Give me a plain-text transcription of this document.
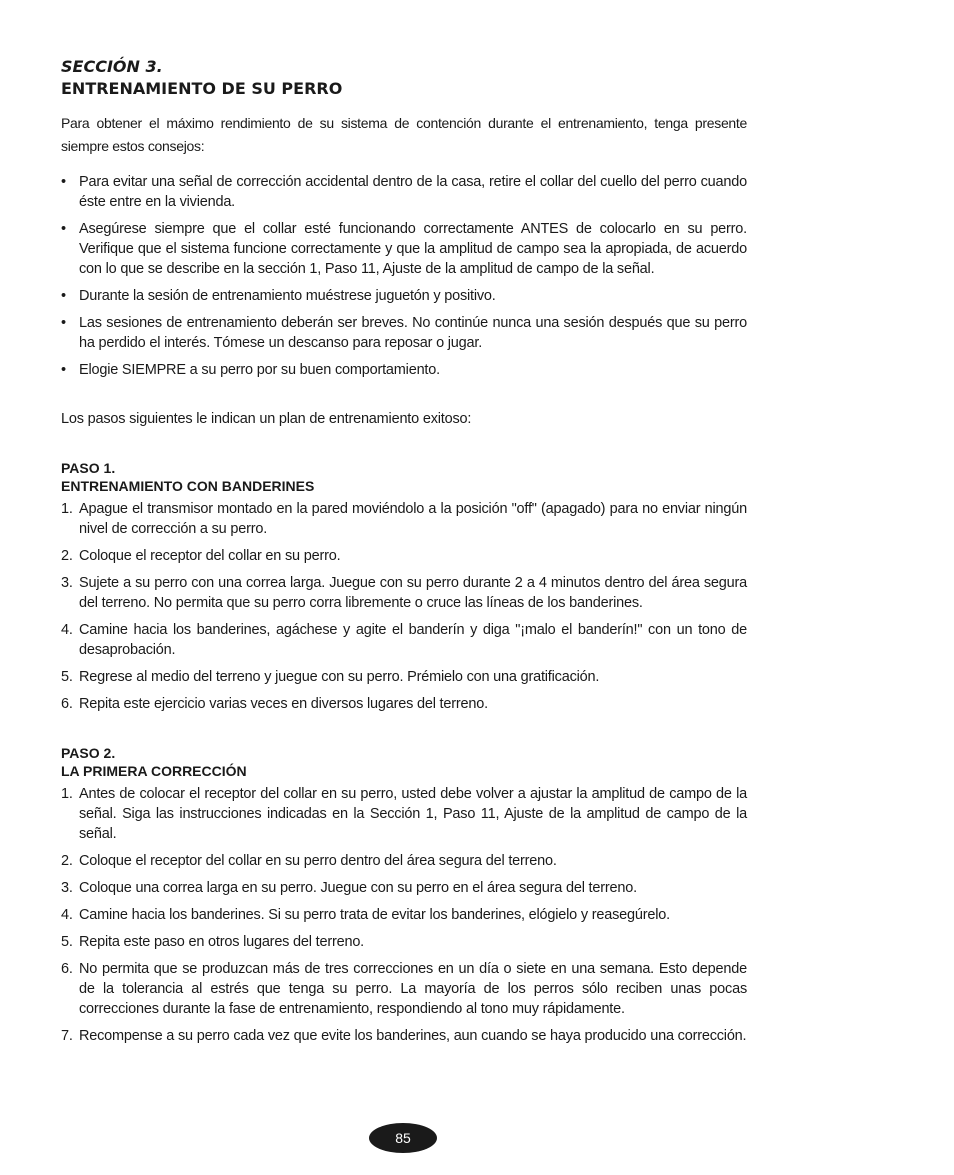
SECCIÓN 3.

ENTRENAMIENTO DE SU PERRO

Para obtener el máximo rendimiento de su sistema de contención durante el entrenamiento, tenga presente siempre estos consejos:

• Para evitar una señal de corrección accidental dentro de la casa, retire el collar del cuello del perro cuando éste entre en la vivienda.
• Asegúrese siempre que el collar esté funcionando correctamente ANTES de colocarlo en su perro. Verifique que el sistema funcione correctamente y que la amplitud de campo sea la apropiada, de acuerdo con lo que se describe en la sección 1, Paso 11, Ajuste de la amplitud de campo de la señal.
• Durante la sesión de entrenamiento muéstrese juguetón y positivo.
• Las sesiones de entrenamiento deberán ser breves. No continúe nunca una sesión después que su perro ha perdido el interés. Tómese un descanso para reposar o jugar.
• Elogie SIEMPRE a su perro por su buen comportamiento.

Los pasos siguientes le indican un plan de entrenamiento exitoso:

PASO 1.

ENTRENAMIENTO CON BANDERINES

1. Apague el transmisor montado en la pared moviéndolo a la posición "off" (apagado) para no enviar ningún nivel de corrección a su perro.
2. Coloque el receptor del collar en su perro.
3. Sujete a su perro con una correa larga. Juegue con su perro durante 2 a 4 minutos dentro del área segura del terreno. No permita que su perro corra libremente o cruce las líneas de los banderines.
4. Camine hacia los banderines, agáchese y agite el banderín y diga "¡malo el banderín!" con un tono de desaprobación.
5. Regrese al medio del terreno y juegue con su perro. Prémielo con una gratificación.
6. Repita este ejercicio varias veces en diversos lugares del terreno.

PASO 2.

LA PRIMERA CORRECCIÓN

1. Antes de colocar el receptor del collar en su perro, usted debe volver a ajustar la amplitud de campo de la señal. Siga las instrucciones indicadas en la Sección 1, Paso 11, Ajuste de la amplitud de campo de la señal.
2. Coloque el receptor del collar en su perro dentro del área segura del terreno.
3. Coloque una correa larga en su perro. Juegue con su perro en el área segura del terreno.
4. Camine hacia los banderines. Si su perro trata de evitar los banderines, elógielo y reasegúrelo.
5. Repita este paso en otros lugares del terreno.
6. No permita que se produzcan más de tres correcciones en un día o siete en una semana. Esto depende de la tolerancia al estrés que tenga su perro. La mayoría de los perros sólo reciben unas pocas correcciones durante la fase de entrenamiento, respondiendo al tono muy rápidamente.
7. Recompense a su perro cada vez que evite los banderines, aun cuando se haya producido una corrección.
85
